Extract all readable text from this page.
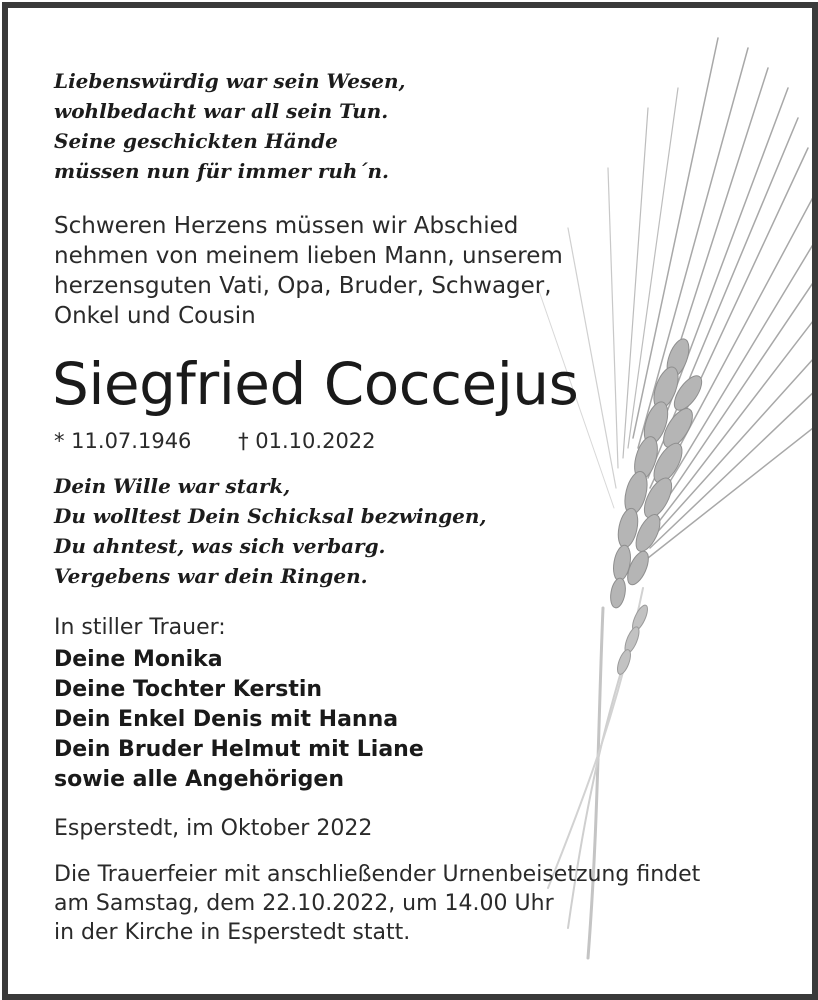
Liebenswürdig war sein Wesen,
wohlbedacht war all sein Tun.
Seine geschickten Hände
müssen nun für immer ruh´n.
Schweren Herzens müssen wir Abschied
nehmen von meinem lieben Mann, unserem
herzensguten Vati, Opa, Bruder, Schwager,
Onkel und Cousin
Siegfried Coccejus
* 11.07.1946 † 01.10.2022
Dein Wille war stark,
Du wolltest Dein Schicksal bezwingen,
Du ahntest, was sich verbarg.
Vergebens war dein Ringen.
In stiller Trauer:
Deine Monika
Deine Tochter Kerstin
Dein Enkel Denis mit Hanna
Dein Bruder Helmut mit Liane
sowie alle Angehörigen
Esperstedt, im Oktober 2022
Die Trauerfeier mit anschließender Urnenbeisetzung findet
am Samstag, dem 22.10.2022, um 14.00 Uhr
in der Kirche in Esperstedt statt.
